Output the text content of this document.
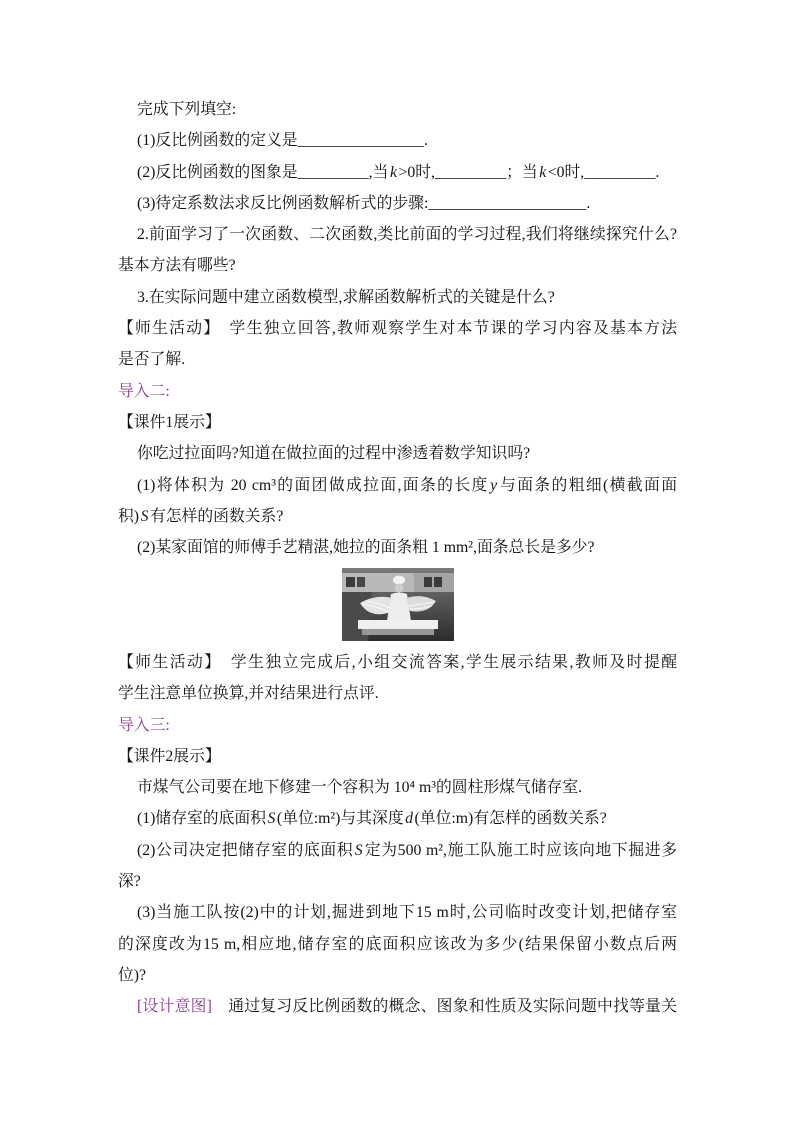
完成下列填空:
(1)反比例函数的定义是________________.
(2)反比例函数的图象是_________,当k>0时,_________；当k<0时,_________.
(3)待定系数法求反比例函数解析式的步骤:____________________.
2.前面学习了一次函数、二次函数,类比前面的学习过程,我们将继续探究什么?
基本方法有哪些?
3.在实际问题中建立函数模型,求解函数解析式的关键是什么?
【师生活动】　学生独立回答,教师观察学生对本节课的学习内容及基本方法
是否了解.
导入二:
【课件1展示】
你吃过拉面吗?知道在做拉面的过程中渗透着数学知识吗?
(1)将体积为 20 cm³的面团做成拉面,面条的长度y与面条的粗细(横截面面
积)S有怎样的函数关系?
(2)某家面馆的师傅手艺精湛,她拉的面条粗 1 mm²,面条总长是多少?
【师生活动】　学生独立完成后,小组交流答案,学生展示结果,教师及时提醒
学生注意单位换算,并对结果进行点评.
导入三:
【课件2展示】
市煤气公司要在地下修建一个容积为 10⁴ m³的圆柱形煤气储存室.
(1)储存室的底面积S(单位:m²)与其深度d(单位:m)有怎样的函数关系?
(2)公司决定把储存室的底面积S定为500 m²,施工队施工时应该向地下掘进多
深?
(3)当施工队按(2)中的计划,掘进到地下15 m时,公司临时改变计划,把储存室
的深度改为15 m,相应地,储存室的底面积应该改为多少(结果保留小数点后两
位)?
[设计意图]　通过复习反比例函数的概念、图象和性质及实际问题中找等量关
